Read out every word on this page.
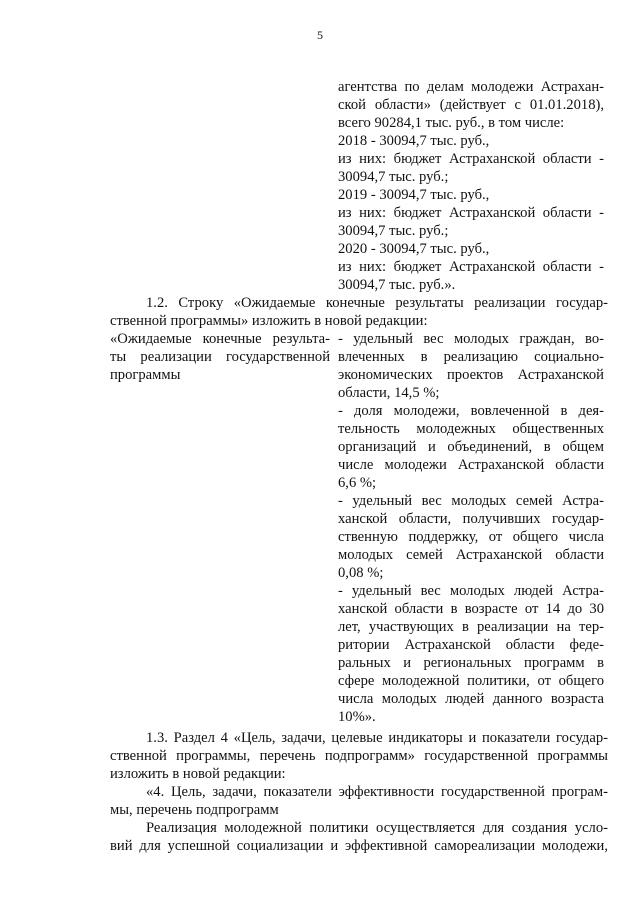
5
агентства по делам молодежи Астрахан-
ской области» (действует с 01.01.2018),
всего 90284,1 тыс. руб., в том числе:
2018 - 30094,7 тыс. руб.,
из них: бюджет Астраханской области -
30094,7 тыс. руб.;
2019 - 30094,7 тыс. руб.,
из них: бюджет Астраханской области -
30094,7 тыс. руб.;
2020 - 30094,7 тыс. руб.,
из них: бюджет Астраханской области -
30094,7 тыс. руб.».
1.2. Строку «Ожидаемые конечные результаты реализации государ-
ственной программы» изложить в новой редакции:
«Ожидаемые конечные результа-
ты реализации государственной
программы
- удельный вес молодых граждан, во-
влеченных в реализацию социально-
экономических проектов Астраханской
области, 14,5 %;
- доля молодежи, вовлеченной в дея-
тельность молодежных общественных
организаций и объединений, в общем
числе молодежи Астраханской области
6,6 %;
- удельный вес молодых семей Астра-
ханской области, получивших государ-
ственную поддержку, от общего числа
молодых семей Астраханской области
0,08 %;
- удельный вес молодых людей Астра-
ханской области в возрасте от 14 до 30
лет, участвующих в реализации на тер-
ритории Астраханской области феде-
ральных и региональных программ в
сфере молодежной политики, от общего
числа молодых людей данного возраста
10%».
1.3. Раздел 4 «Цель, задачи, целевые индикаторы и показатели государ-
ственной программы, перечень подпрограмм» государственной программы
изложить в новой редакции:
«4. Цель, задачи, показатели эффективности государственной програм-
мы, перечень подпрограмм
Реализация молодежной политики осуществляется для создания усло-
вий для успешной социализации и эффективной самореализации молодежи,
